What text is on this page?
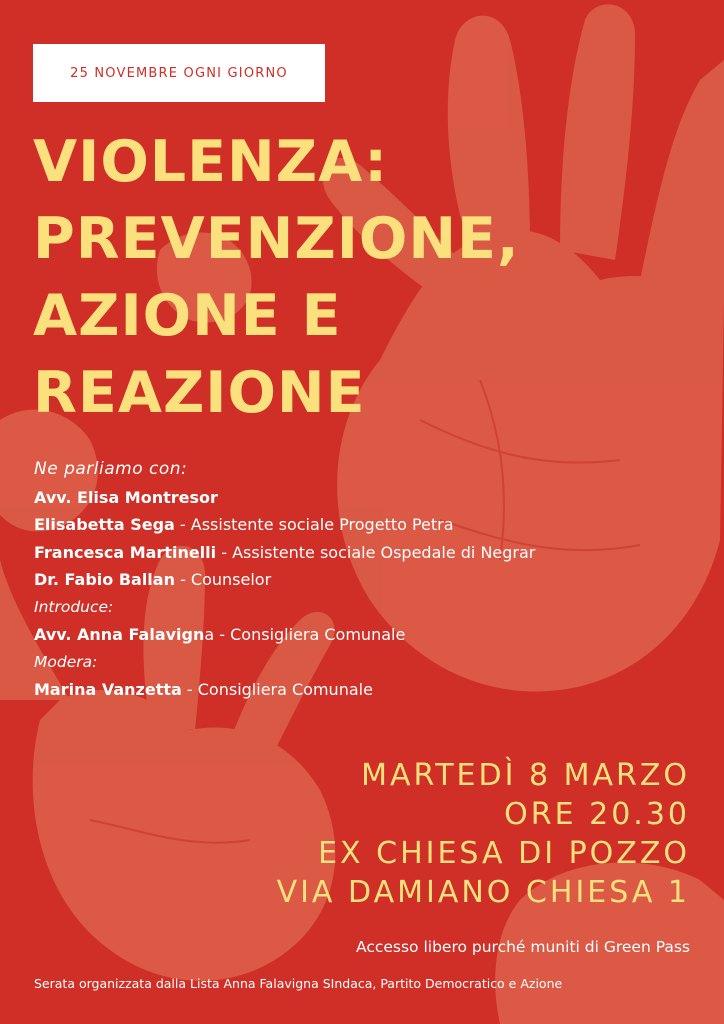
25 NOVEMBRE OGNI GIORNO
VIOLENZA:
PREVENZIONE,
AZIONE E
REAZIONE
Ne parliamo con:
Avv. Elisa Montresor
Elisabetta Sega - Assistente sociale Progetto Petra
Francesca Martinelli - Assistente sociale Ospedale di Negrar
Dr. Fabio Ballan - Counselor
Introduce:
Avv. Anna Falavigna - Consigliera Comunale
Modera:
Marina Vanzetta - Consigliera Comunale
MARTEDÌ 8 MARZO
ORE 20.30
EX CHIESA DI POZZO
VIA DAMIANO CHIESA 1
Accesso libero purché muniti di Green Pass
Serata organizzata dalla Lista Anna Falavigna SIndaca, Partito Democratico e Azione
